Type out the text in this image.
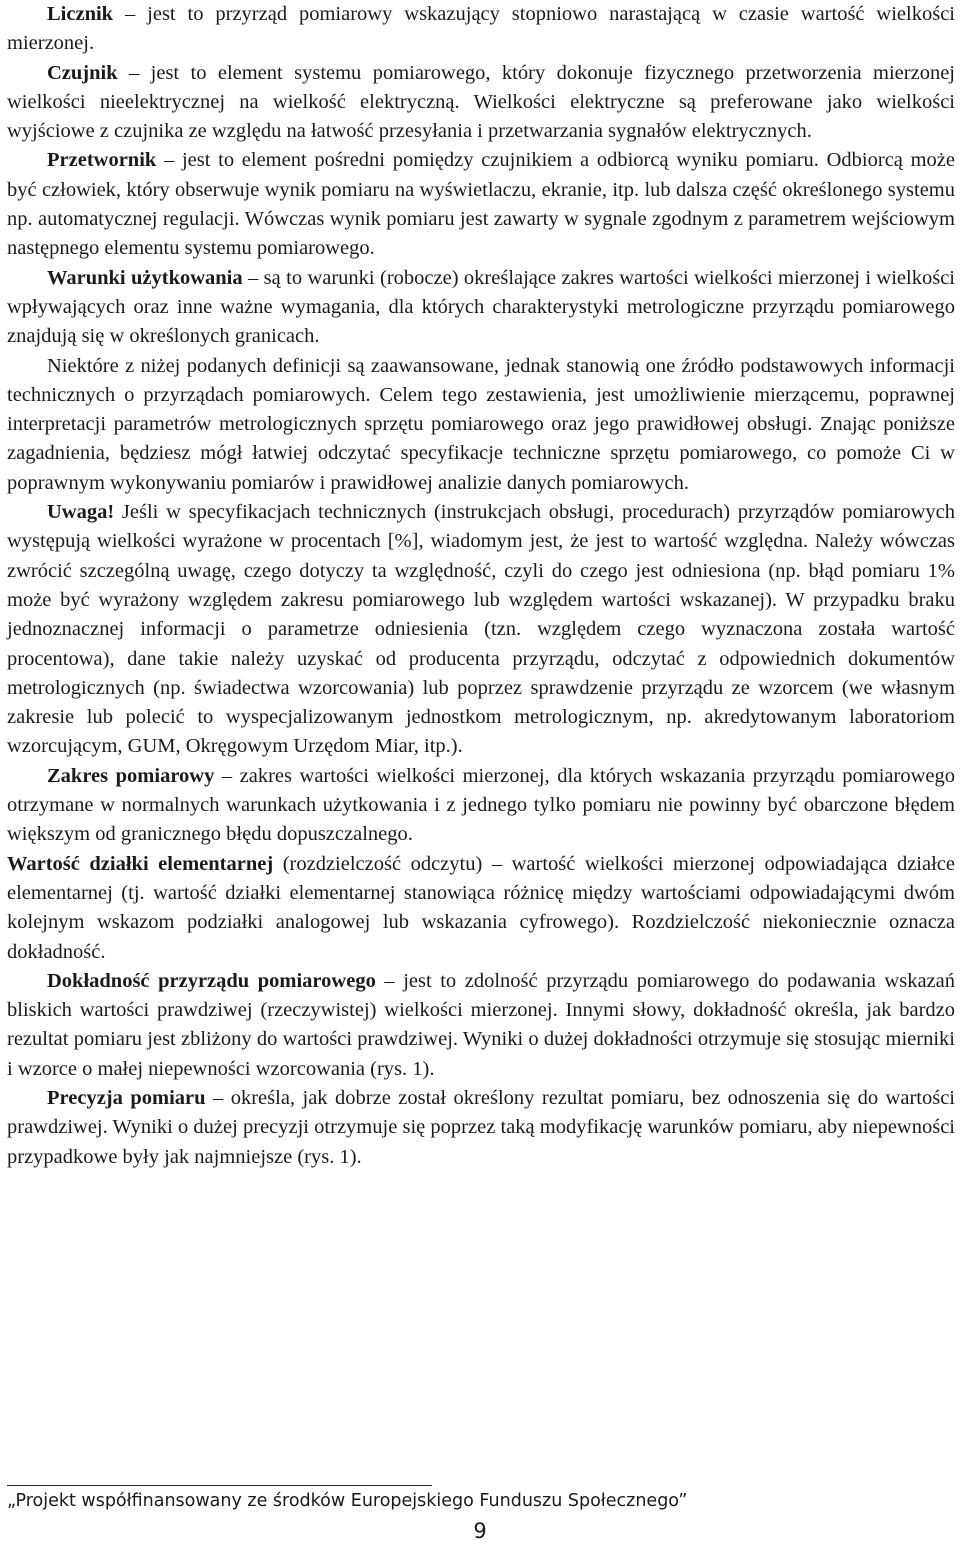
Licznik – jest to przyrząd pomiarowy wskazujący stopniowo narastającą w czasie wartość wielkości mierzonej.

Czujnik – jest to element systemu pomiarowego, który dokonuje fizycznego przetworzenia mierzonej wielkości nieelektrycznej na wielkość elektryczną. Wielkości elektryczne są preferowane jako wielkości wyjściowe z czujnika ze względu na łatwość przesyłania i przetwarzania sygnałów elektrycznych.

Przetwornik – jest to element pośredni pomiędzy czujnikiem a odbiorcą wyniku pomiaru. Odbiorcą może być człowiek, który obserwuje wynik pomiaru na wyświetlaczu, ekranie, itp. lub dalsza część określonego systemu np. automatycznej regulacji. Wówczas wynik pomiaru jest zawarty w sygnale zgodnym z parametrem wejściowym następnego elementu systemu pomiarowego.

Warunki użytkowania – są to warunki (robocze) określające zakres wartości wielkości mierzonej i wielkości wpływających oraz inne ważne wymagania, dla których charakterystyki metrologiczne przyrządu pomiarowego znajdują się w określonych granicach.

Niektóre z niżej podanych definicji są zaawansowane, jednak stanowią one źródło podstawowych informacji technicznych o przyrządach pomiarowych. Celem tego zestawienia, jest umożliwienie mierzącemu, poprawnej interpretacji parametrów metrologicznych sprzętu pomiarowego oraz jego prawidłowej obsługi. Znając poniższe zagadnienia, będziesz mógł łatwiej odczytać specyfikacje techniczne sprzętu pomiarowego, co pomoże Ci w poprawnym wykonywaniu pomiarów i prawidłowej analizie danych pomiarowych.

Uwaga! Jeśli w specyfikacjach technicznych (instrukcjach obsługi, procedurach) przyrządów pomiarowych występują wielkości wyrażone w procentach [%], wiadomym jest, że jest to wartość względna. Należy wówczas zwrócić szczególną uwagę, czego dotyczy ta względność, czyli do czego jest odniesiona (np. błąd pomiaru 1% może być wyrażony względem zakresu pomiarowego lub względem wartości wskazanej). W przypadku braku jednoznacznej informacji o parametrze odniesienia (tzn. względem czego wyznaczona została wartość procentowa), dane takie należy uzyskać od producenta przyrządu, odczytać z odpowiednich dokumentów metrologicznych (np. świadectwa wzorcowania) lub poprzez sprawdzenie przyrządu ze wzorcem (we własnym zakresie lub polecić to wyspecjalizowanym jednostkom metrologicznym, np. akredytowanym laboratoriom wzorcującym, GUM, Okręgowym Urzędom Miar, itp.).

Zakres pomiarowy – zakres wartości wielkości mierzonej, dla których wskazania przyrządu pomiarowego otrzymane w normalnych warunkach użytkowania i z jednego tylko pomiaru nie powinny być obarczone błędem większym od granicznego błędu dopuszczalnego.

Wartość działki elementarnej (rozdzielczość odczytu) – wartość wielkości mierzonej odpowiadająca działce elementarnej (tj. wartość działki elementarnej stanowiąca różnicę między wartościami odpowiadającymi dwóm kolejnym wskazom podziałki analogowej lub wskazania cyfrowego). Rozdzielczość niekoniecznie oznacza dokładność.

Dokładność przyrządu pomiarowego – jest to zdolność przyrządu pomiarowego do podawania wskazań bliskich wartości prawdziwej (rzeczywistej) wielkości mierzonej. Innymi słowy, dokładność określa, jak bardzo rezultat pomiaru jest zbliżony do wartości prawdziwej. Wyniki o dużej dokładności otrzymuje się stosując mierniki i wzorce o małej niepewności wzorcowania (rys. 1).

Precyzja pomiaru – określa, jak dobrze został określony rezultat pomiaru, bez odnoszenia się do wartości prawdziwej. Wyniki o dużej precyzji otrzymuje się poprzez taką modyfikację warunków pomiaru, aby niepewności przypadkowe były jak najmniejsze (rys. 1).

„Projekt współfinansowany ze środków Europejskiego Funduszu Społecznego”
9
